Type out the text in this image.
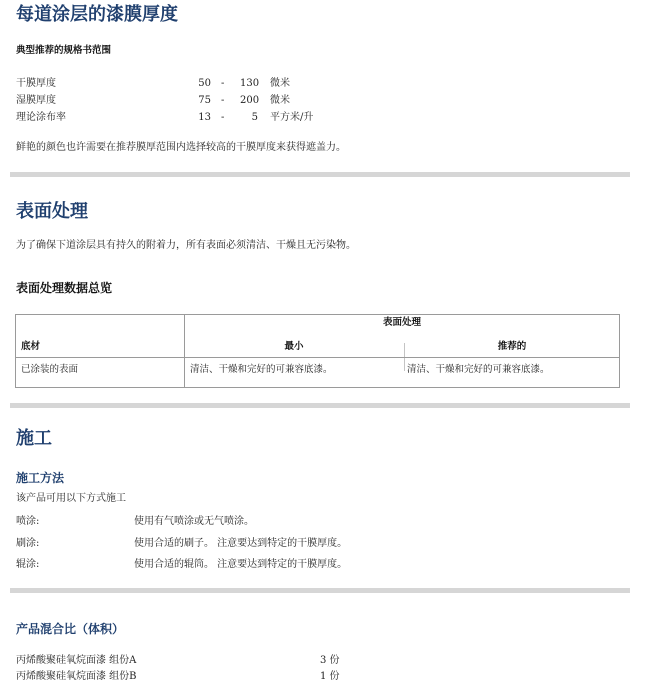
每道涂层的漆膜厚度
典型推荐的规格书范围
干膜厚度	50 - 130 微米
湿膜厚度	75 - 200 微米
理论涂布率	13 -	5 平方米/升
鲜艳的颜色也许需要在推荐膜厚范围内选择较高的干膜厚度来获得遮盖力。
表面处理
为了确保下道涂层具有持久的附着力，所有表面必须清洁、干燥且无污染物。
表面处理数据总览
表面处理
底材	最小	推荐的
已涂装的表面	清洁、干燥和完好的可兼容底漆。	清洁、干燥和完好的可兼容底漆。
施工
施工方法
该产品可用以下方式施工
喷涂:	使用有气喷涂或无气喷涂。
刷涂:	使用合适的刷子。 注意要达到特定的干膜厚度。
辊涂:	使用合适的辊筒。 注意要达到特定的干膜厚度。
产品混合比（体积）
丙烯酸聚硅氧烷面漆 组份A	3 份
丙烯酸聚硅氧烷面漆 组份B	1 份
